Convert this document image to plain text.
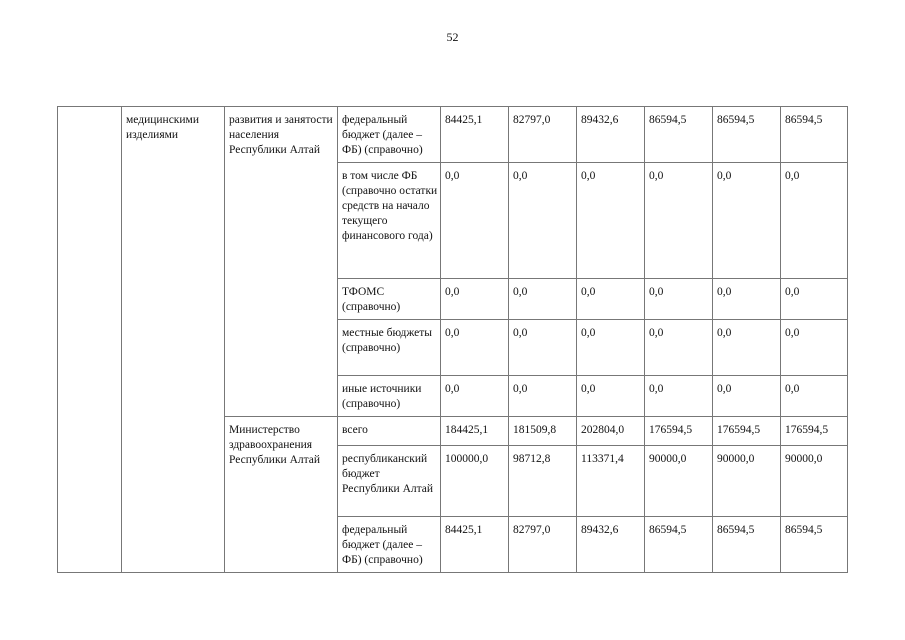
52
	медицинскими изделиями	развития и занятости населения Республики Алтай	федеральный бюджет (далее – ФБ) (справочно)	84425,1	82797,0	89432,6	86594,5	86594,5	86594,5
			в том числе ФБ (справочно остатки средств на начало текущего финансового года)	0,0	0,0	0,0	0,0	0,0	0,0
			ТФОМС (справочно)	0,0	0,0	0,0	0,0	0,0	0,0
			местные бюджеты (справочно)	0,0	0,0	0,0	0,0	0,0	0,0
			иные источники (справочно)	0,0	0,0	0,0	0,0	0,0	0,0
		Министерство здравоохранения Республики Алтай	всего	184425,1	181509,8	202804,0	176594,5	176594,5	176594,5
			республиканский бюджет Республики Алтай	100000,0	98712,8	113371,4	90000,0	90000,0	90000,0
			федеральный бюджет (далее – ФБ) (справочно)	84425,1	82797,0	89432,6	86594,5	86594,5	86594,5
